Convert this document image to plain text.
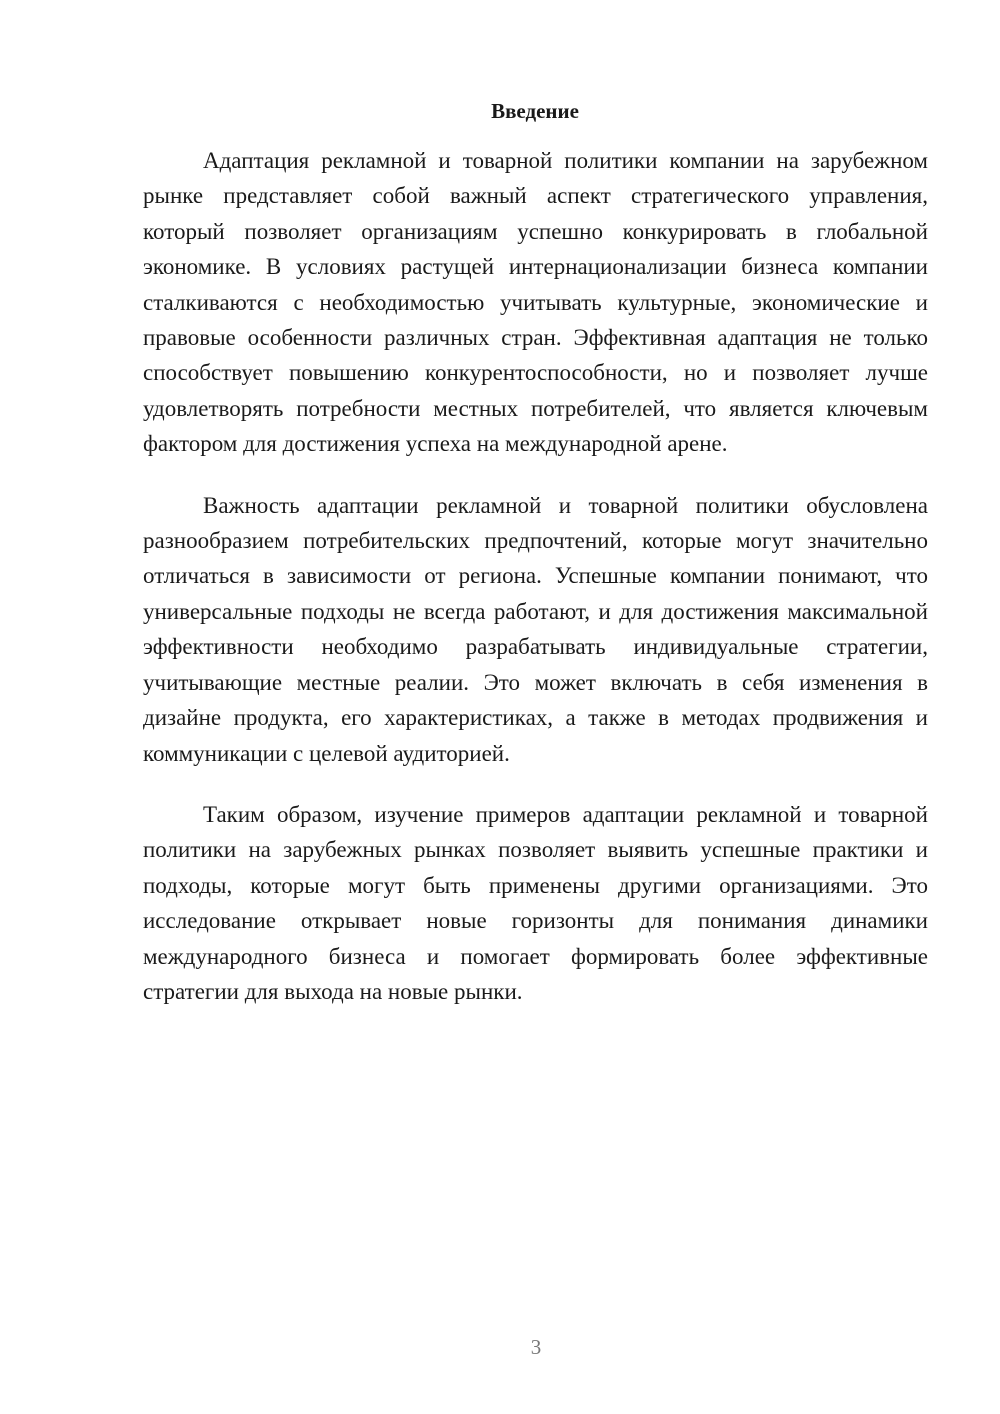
Введение

Адаптация рекламной и товарной политики компании на зарубежном рынке представляет собой важный аспект стратегического управления, который позволяет организациям успешно конкурировать в глобальной экономике. В условиях растущей интернационализации бизнеса компании сталкиваются с необходимостью учитывать культурные, экономические и правовые особенности различных стран. Эффективная адаптация не только способствует повышению конкурентоспособности, но и позволяет лучше удовлетворять потребности местных потребителей, что является ключевым фактором для достижения успеха на международной арене.

Важность адаптации рекламной и товарной политики обусловлена разнообразием потребительских предпочтений, которые могут значительно отличаться в зависимости от региона. Успешные компании понимают, что универсальные подходы не всегда работают, и для достижения максимальной эффективности необходимо разрабатывать индивидуальные стратегии, учитывающие местные реалии. Это может включать в себя изменения в дизайне продукта, его характеристиках, а также в методах продвижения и коммуникации с целевой аудиторией.

Таким образом, изучение примеров адаптации рекламной и товарной политики на зарубежных рынках позволяет выявить успешные практики и подходы, которые могут быть применены другими организациями. Это исследование открывает новые горизонты для понимания динамики международного бизнеса и помогает формировать более эффективные стратегии для выхода на новые рынки.

3
